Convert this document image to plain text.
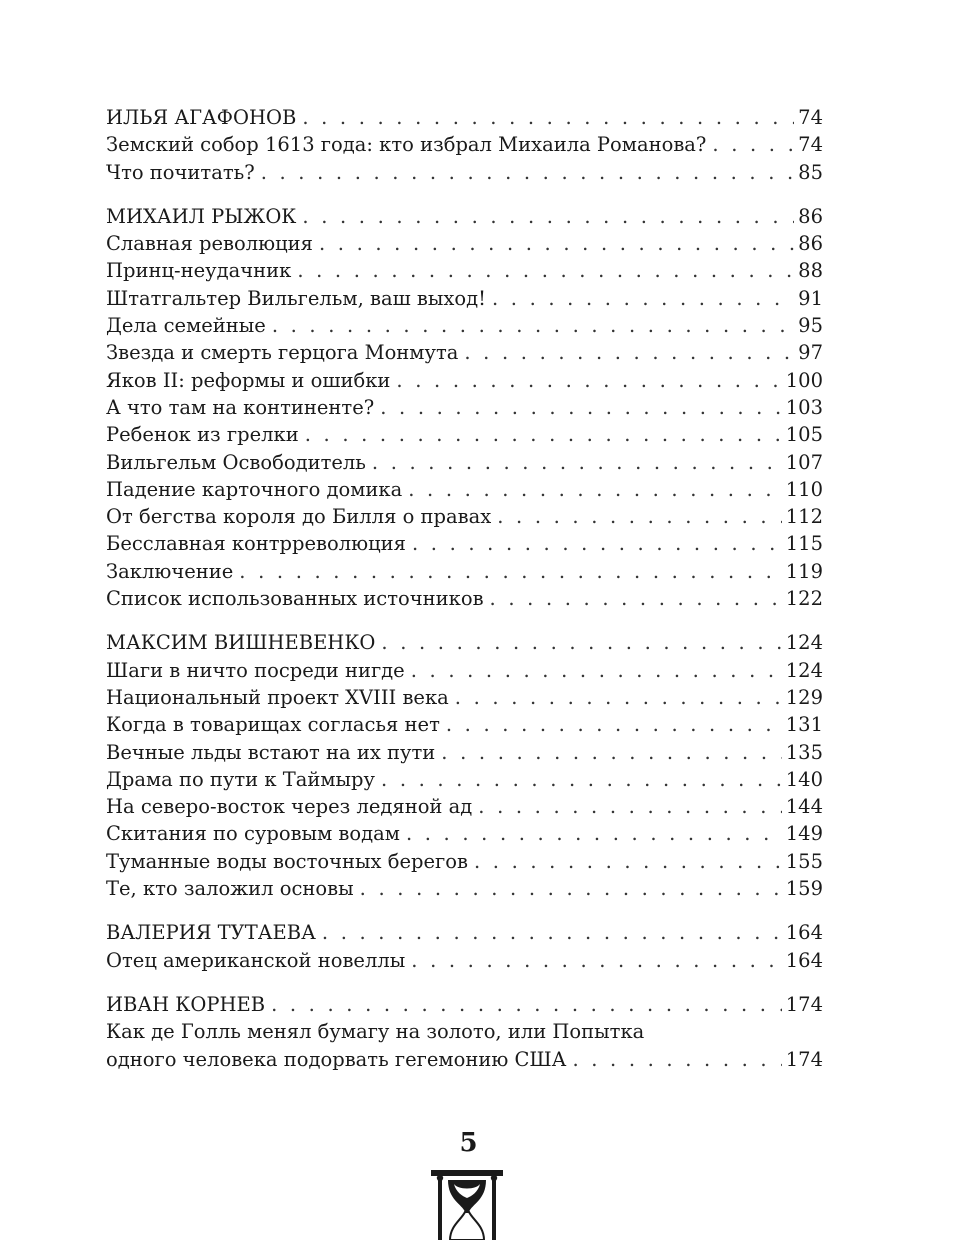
ИЛЬЯ АГАФОНОВ . . .	74
Земский собор 1613 года: кто избрал Михаила Романова? . . .	74
Что почитать? . . .	85
МИХАИЛ РЫЖОК . . .	86
Славная революция . . .	86
Принц-неудачник . . .	88
Штатгальтер Вильгельм, ваш выход! . . .	91
Дела семейные . . .	95
Звезда и смерть герцога Монмута . . .	97
Яков II: реформы и ошибки . . .	100
А что там на континенте? . . .	103
Ребенок из грелки . . .	105
Вильгельм Освободитель . . .	107
Падение карточного домика . . .	110
От бегства короля до Билля о правах . . .	112
Бесславная контрреволюция . . .	115
Заключение . . .	119
Список использованных источников . . .	122
МАКСИМ ВИШНЕВЕНКО . . .	124
Шаги в ничто посреди нигде . . .	124
Национальный проект XVIII века . . .	129
Когда в товарищах согласья нет . . .	131
Вечные льды встают на их пути . . .	135
Драма по пути к Таймыру . . .	140
На северо-восток через ледяной ад . . .	144
Скитания по суровым водам . . .	149
Туманные воды восточных берегов . . .	155
Те, кто заложил основы . . .	159
ВАЛЕРИЯ ТУТАЕВА . . .	164
Отец американской новеллы . . .	164
ИВАН КОРНЕВ . . .	174
Как де Голль менял бумагу на золото, или Попытка
одного человека подорвать гегемонию США . . .	174
5
